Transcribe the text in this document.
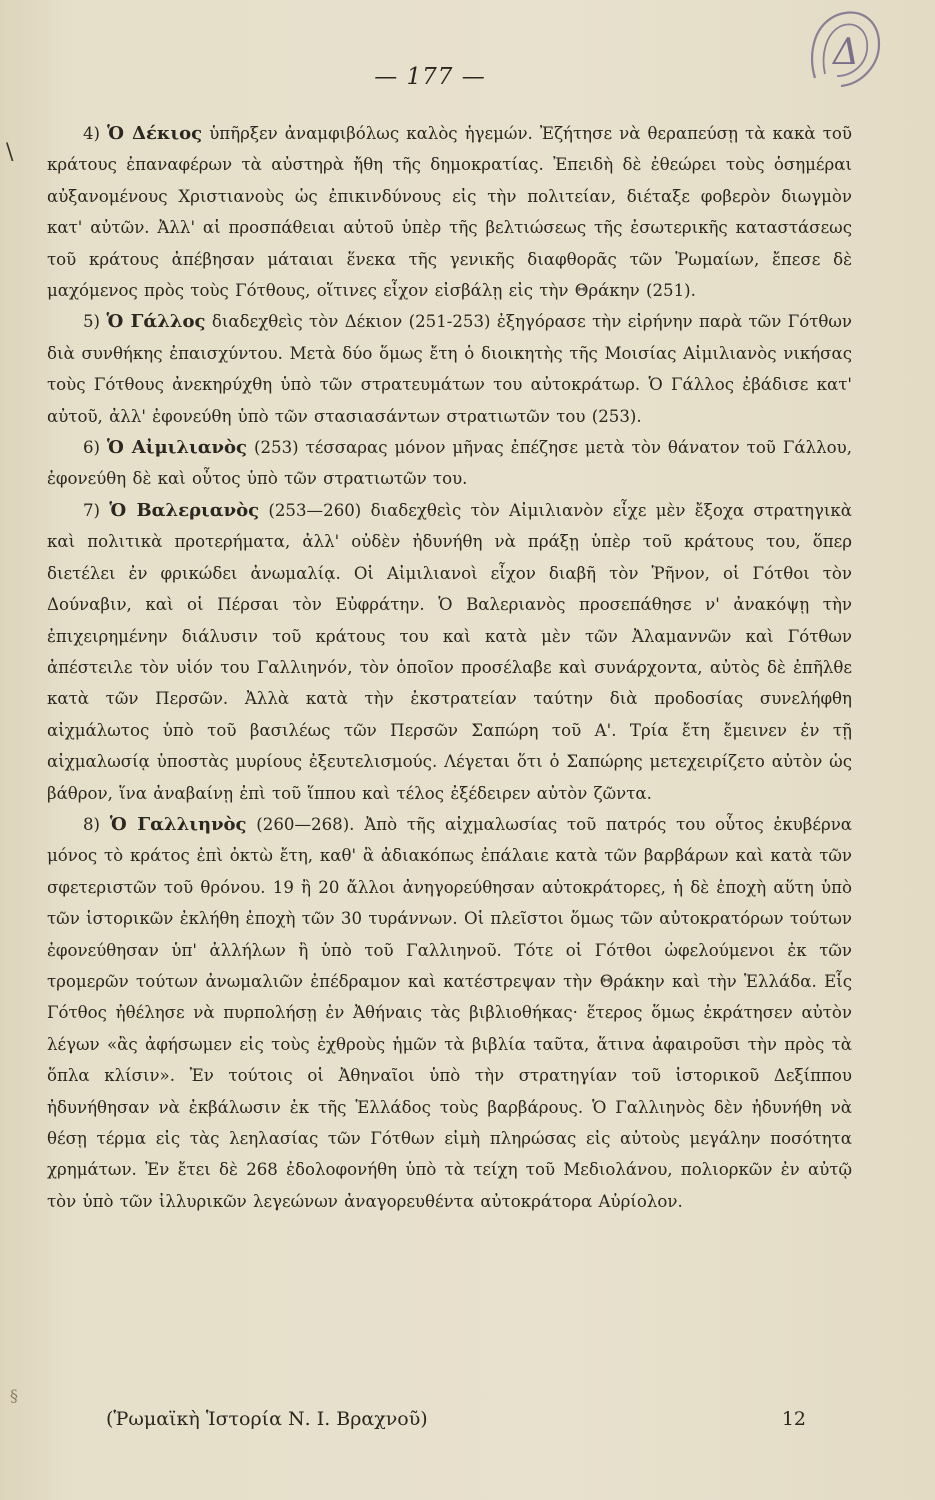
— 177 —
Δ
\
§

4) Ὁ Δέκιος ὑπῆρξεν ἀναμφιβόλως καλὸς ἡγεμών. Ἐζήτησε νὰ θεραπεύσῃ τὰ κακὰ τοῦ κράτους ἐπαναφέρων τὰ αὐστηρὰ ἤθη τῆς δημοκρατίας. Ἐπειδὴ δὲ ἐθεώρει τοὺς ὁσημέραι αὐξανομένους Χριστιανοὺς ὡς ἐπικινδύνους εἰς τὴν πολιτείαν, διέταξε φοβερὸν διωγμὸν κατ' αὐτῶν. Ἀλλ' αἱ προσπάθειαι αὐτοῦ ὑπὲρ τῆς βελτιώσεως τῆς ἐσωτερικῆς καταστάσεως τοῦ κράτους ἀπέβησαν μάταιαι ἕνεκα τῆς γενικῆς διαφθορᾶς τῶν Ῥωμαίων, ἔπεσε δὲ μαχόμενος πρὸς τοὺς Γότθους, οἵτινες εἶχον εἰσβάλῃ εἰς τὴν Θράκην (251).

5) Ὁ Γάλλος διαδεχθεὶς τὸν Δέκιον (251-253) ἐξηγόρασε τὴν εἰρήνην παρὰ τῶν Γότθων διὰ συνθήκης ἐπαισχύντου. Μετὰ δύο ὅμως ἔτη ὁ διοικητὴς τῆς Μοισίας Αἰμιλιανὸς νικήσας τοὺς Γότθους ἀνεκηρύχθη ὑπὸ τῶν στρατευμάτων του αὐτοκράτωρ. Ὁ Γάλλος ἐβάδισε κατ' αὐτοῦ, ἀλλ' ἐφονεύθη ὑπὸ τῶν στασιασάντων στρατιωτῶν του (253).

6) Ὁ Αἰμιλιανὸς (253) τέσσαρας μόνον μῆνας ἐπέζησε μετὰ τὸν θάνατον τοῦ Γάλλου, ἐφονεύθη δὲ καὶ οὗτος ὑπὸ τῶν στρατιωτῶν του.

7) Ὁ Βαλεριανὸς (253—260) διαδεχθεὶς τὸν Αἰμιλιανὸν εἶχε μὲν ἔξοχα στρατηγικὰ καὶ πολιτικὰ προτερήματα, ἀλλ' οὐδὲν ἠδυνήθη νὰ πράξῃ ὑπὲρ τοῦ κράτους του, ὅπερ διετέλει ἐν φρικώδει ἀνωμαλίᾳ. Οἱ Αἰμιλιανοὶ εἶχον διαβῆ τὸν Ῥῆνον, οἱ Γότθοι τὸν Δούναβιν, καὶ οἱ Πέρσαι τὸν Εὐφράτην. Ὁ Βαλεριανὸς προσεπάθησε ν' ἀνακόψῃ τὴν ἐπιχειρημένην διάλυσιν τοῦ κράτους του καὶ κατὰ μὲν τῶν Ἀλαμαννῶν καὶ Γότθων ἀπέστειλε τὸν υἱόν του Γαλλιηνόν, τὸν ὁποῖον προσέλαβε καὶ συνάρχοντα, αὐτὸς δὲ ἐπῆλθε κατὰ τῶν Περσῶν. Ἀλλὰ κατὰ τὴν ἐκστρατείαν ταύτην διὰ προδοσίας συνελήφθη αἰχμάλωτος ὑπὸ τοῦ βασιλέως τῶν Περσῶν Σαπώρη τοῦ Α'. Τρία ἔτη ἔμεινεν ἐν τῇ αἰχμαλωσίᾳ ὑποστὰς μυρίους ἐξευτελισμούς. Λέγεται ὅτι ὁ Σαπώρης μετεχειρίζετο αὐτὸν ὡς βάθρον, ἵνα ἀναβαίνῃ ἐπὶ τοῦ ἵππου καὶ τέλος ἐξέδειρεν αὐτὸν ζῶντα.

8) Ὁ Γαλλιηνὸς (260—268). Ἀπὸ τῆς αἰχμαλωσίας τοῦ πατρός του οὗτος ἐκυβέρνα μόνος τὸ κράτος ἐπὶ ὀκτὼ ἔτη, καθ' ἃ ἀδιακόπως ἐπάλαιε κατὰ τῶν βαρβάρων καὶ κατὰ τῶν σφετεριστῶν τοῦ θρόνου. 19 ἢ 20 ἄλλοι ἀνηγορεύθησαν αὐτοκράτορες, ἡ δὲ ἐποχὴ αὕτη ὑπὸ τῶν ἱστορικῶν ἐκλήθη ἐποχὴ τῶν 30 τυράννων. Οἱ πλεῖστοι ὅμως τῶν αὐτοκρατόρων τούτων ἐφονεύθησαν ὑπ' ἀλλήλων ἢ ὑπὸ τοῦ Γαλλιηνοῦ. Τότε οἱ Γότθοι ὠφελούμενοι ἐκ τῶν τρομερῶν τούτων ἀνωμαλιῶν ἐπέδραμον καὶ κατέστρεψαν τὴν Θράκην καὶ τὴν Ἑλλάδα. Εἷς Γότθος ἠθέλησε νὰ πυρπολήσῃ ἐν Ἀθήναις τὰς βιβλιοθήκας· ἕτερος ὅμως ἐκράτησεν αὐτὸν λέγων «ἂς ἀφήσωμεν εἰς τοὺς ἐχθροὺς ἡμῶν τὰ βιβλία ταῦτα, ἅτινα ἀφαιροῦσι τὴν πρὸς τὰ ὅπλα κλίσιν». Ἐν τούτοις οἱ Ἀθηναῖοι ὑπὸ τὴν στρατηγίαν τοῦ ἱστορικοῦ Δεξίππου ἠδυνήθησαν νὰ ἐκβάλωσιν ἐκ τῆς Ἑλλάδος τοὺς βαρβάρους. Ὁ Γαλλιηνὸς δὲν ἠδυνήθη νὰ θέσῃ τέρμα εἰς τὰς λεηλασίας τῶν Γότθων εἰμὴ πληρώσας εἰς αὐτοὺς μεγάλην ποσότητα χρημάτων. Ἐν ἔτει δὲ 268 ἐδολοφονήθη ὑπὸ τὰ τείχη τοῦ Μεδιολάνου, πολιορκῶν ἐν αὐτῷ τὸν ὑπὸ τῶν ἰλλυρικῶν λεγεώνων ἀναγορευθέντα αὐτοκράτορα Αὐρίολον.

(Ῥωμαϊκὴ Ἱστορία Ν. Ι. Βραχνοῦ)	12
